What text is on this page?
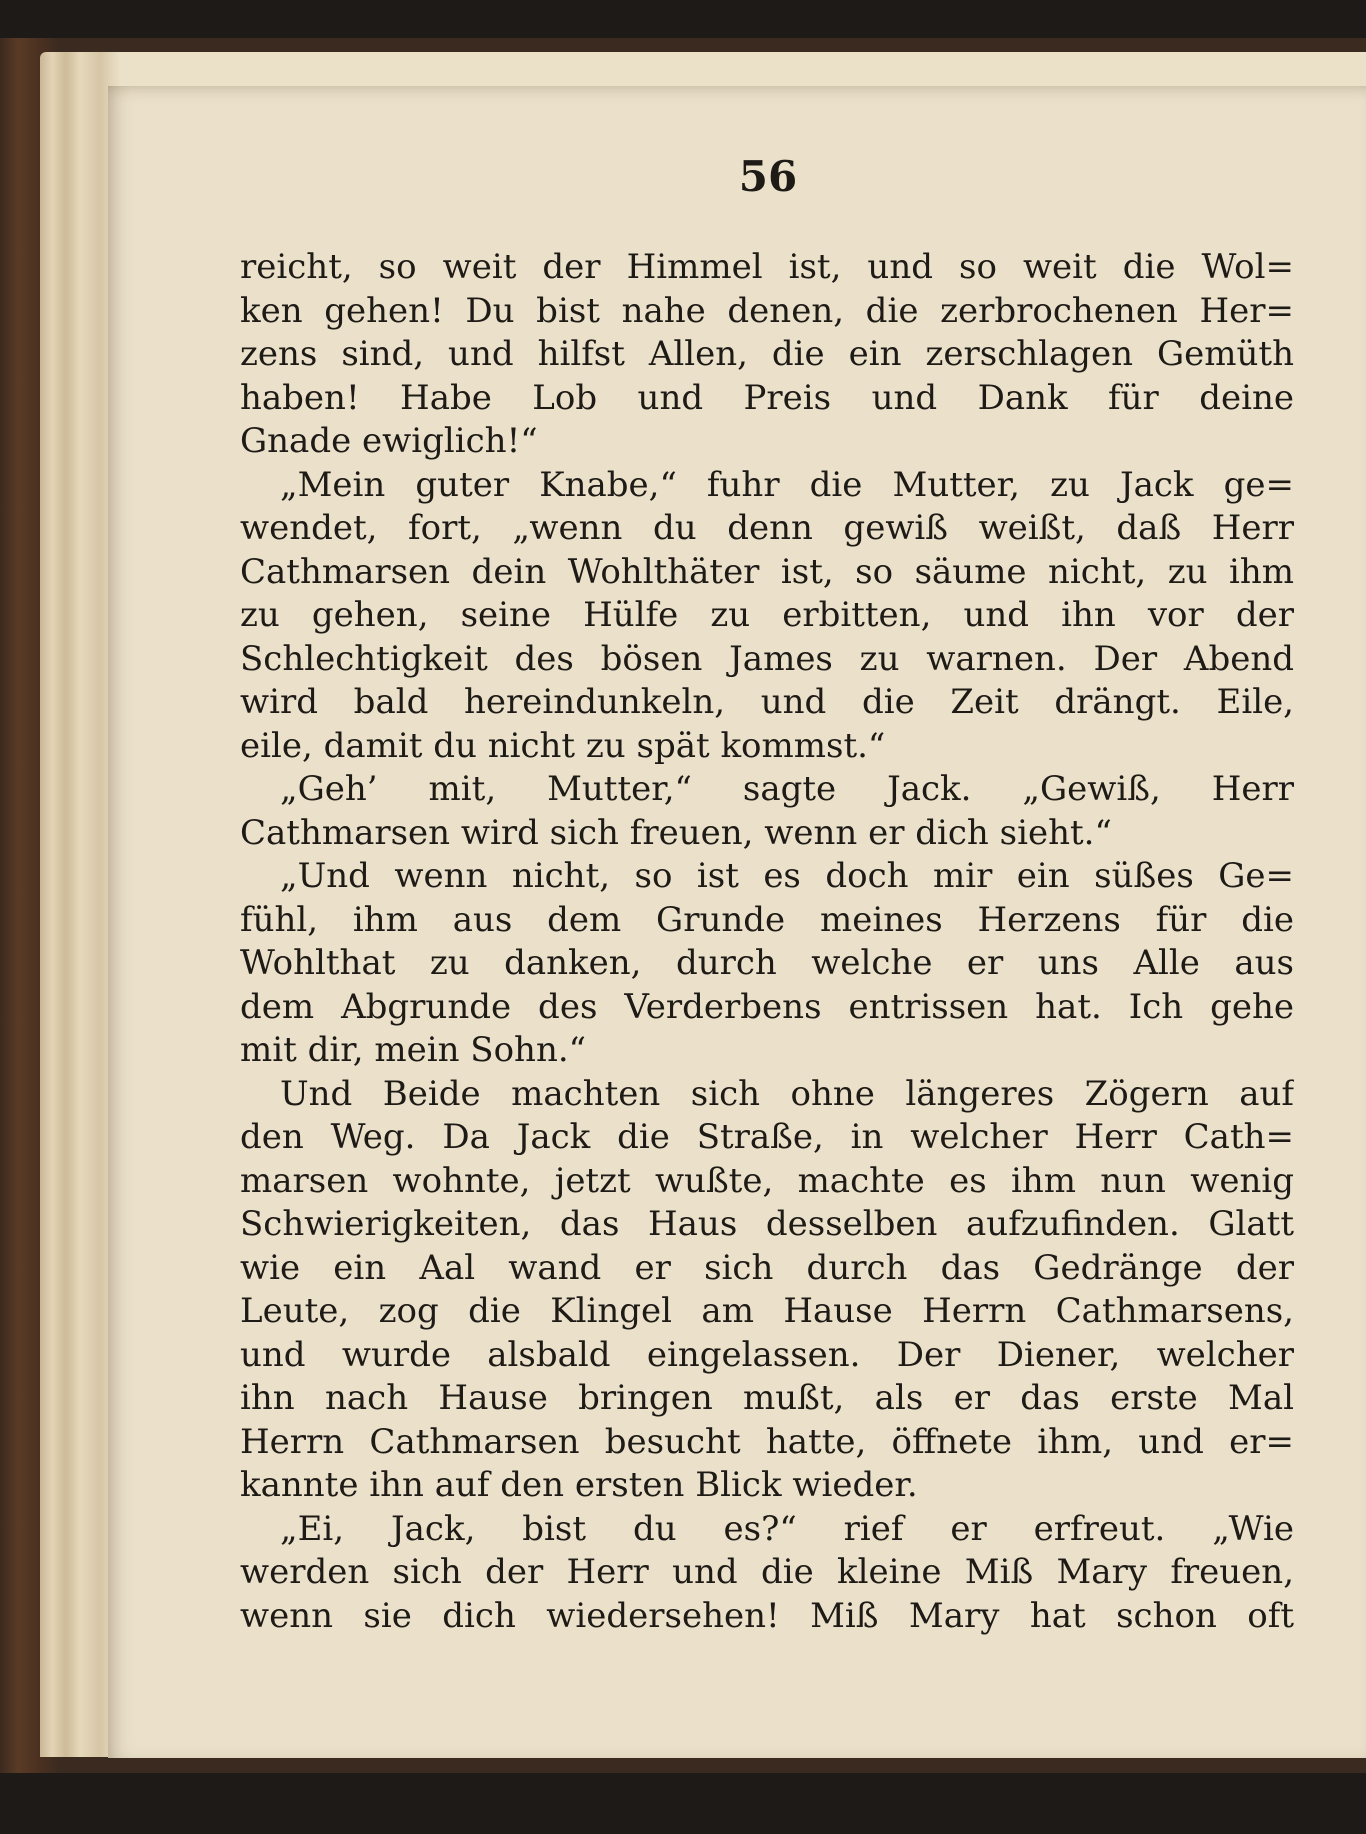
56
reicht, so weit der Himmel ist, und so weit die Wol=
ken gehen! Du bist nahe denen, die zerbrochenen Her=
zens sind, und hilfst Allen, die ein zerschlagen Gemüth
haben! Habe Lob und Preis und Dank für deine
Gnade ewiglich!“
„Mein guter Knabe,“ fuhr die Mutter, zu Jack ge=
wendet, fort, „wenn du denn gewiß weißt, daß Herr
Cathmarsen dein Wohlthäter ist, so säume nicht, zu ihm
zu gehen, seine Hülfe zu erbitten, und ihn vor der
Schlechtigkeit des bösen James zu warnen. Der Abend
wird bald hereindunkeln, und die Zeit drängt. Eile,
eile, damit du nicht zu spät kommst.“
„Geh’ mit, Mutter,“ sagte Jack. „Gewiß, Herr
Cathmarsen wird sich freuen, wenn er dich sieht.“
„Und wenn nicht, so ist es doch mir ein süßes Ge=
fühl, ihm aus dem Grunde meines Herzens für die
Wohlthat zu danken, durch welche er uns Alle aus
dem Abgrunde des Verderbens entrissen hat. Ich gehe
mit dir, mein Sohn.“
Und Beide machten sich ohne längeres Zögern auf
den Weg. Da Jack die Straße, in welcher Herr Cath=
marsen wohnte, jetzt wußte, machte es ihm nun wenig
Schwierigkeiten, das Haus desselben aufzufinden. Glatt
wie ein Aal wand er sich durch das Gedränge der
Leute, zog die Klingel am Hause Herrn Cathmarsens,
und wurde alsbald eingelassen. Der Diener, welcher
ihn nach Hause bringen mußt, als er das erste Mal
Herrn Cathmarsen besucht hatte, öffnete ihm, und er=
kannte ihn auf den ersten Blick wieder.
„Ei, Jack, bist du es?“ rief er erfreut. „Wie
werden sich der Herr und die kleine Miß Mary freuen,
wenn sie dich wiedersehen! Miß Mary hat schon oft
